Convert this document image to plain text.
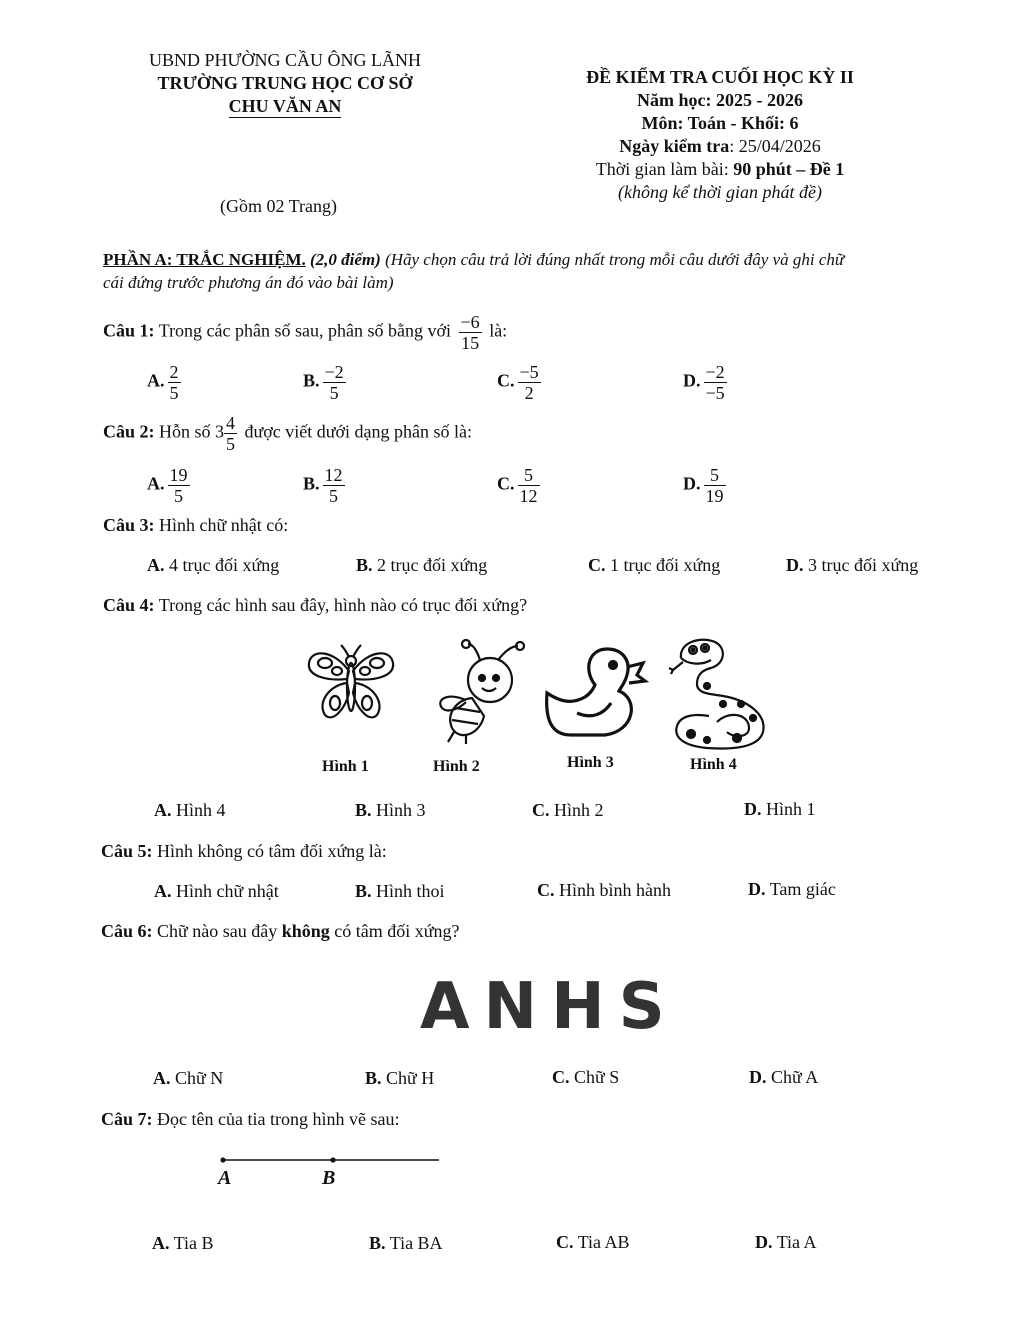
UBND PHƯỜNG CẦU ÔNG LÃNH
TRƯỜNG TRUNG HỌC CƠ SỞ
CHU VĂN AN
(Gồm 02 Trang)
ĐỀ KIỂM TRA CUỐI HỌC KỲ II
Năm học: 2025 - 2026
Môn: Toán - Khối: 6
Ngày kiểm tra: 25/04/2026
Thời gian làm bài: 90 phút – Đề 1
(không kể thời gian phát đề)
PHẦN A: TRẮC NGHIỆM. (2,0 điểm) (Hãy chọn câu trả lời đúng nhất trong mỗi câu dưới đây và ghi chữ
cái đứng trước phương án đó vào bài làm)
Câu 1: Trong các phân số sau, phân số bằng với $\frac{-6}{15}$ là:
A. $\frac{2}{5}$	B. $\frac{-2}{5}$	C. $\frac{-5}{2}$	D. $\frac{-2}{-5}$
Câu 2: Hỗn số $3 \frac{4}{5}$ được viết dưới dạng phân số là:
A. $\frac{19}{5}$	B. $\frac{12}{5}$	C. $\frac{5}{12}$	D. $\frac{5}{19}$
Câu 3: Hình chữ nhật có:
A. 4 trục đối xứng	B. 2 trục đối xứng	C. 1 trục đối xứng	D. 3 trục đối xứng
Câu 4: Trong các hình sau đây, hình nào có trục đối xứng?
Hình 1	Hình 2	Hình 3	Hình 4
A. Hình 4	B. Hình 3	C. Hình 2	D. Hình 1
Câu 5: Hình không có tâm đối xứng là:
A. Hình chữ nhật	B. Hình thoi	C. Hình bình hành	D. Tam giác
Câu 6: Chữ nào sau đây không có tâm đối xứng?
ANHS
A. Chữ N	B. Chữ H	C. Chữ S	D. Chữ A
Câu 7: Đọc tên của tia trong hình vẽ sau:
A	B
A. Tia B	B. Tia BA	C. Tia AB	D. Tia A
